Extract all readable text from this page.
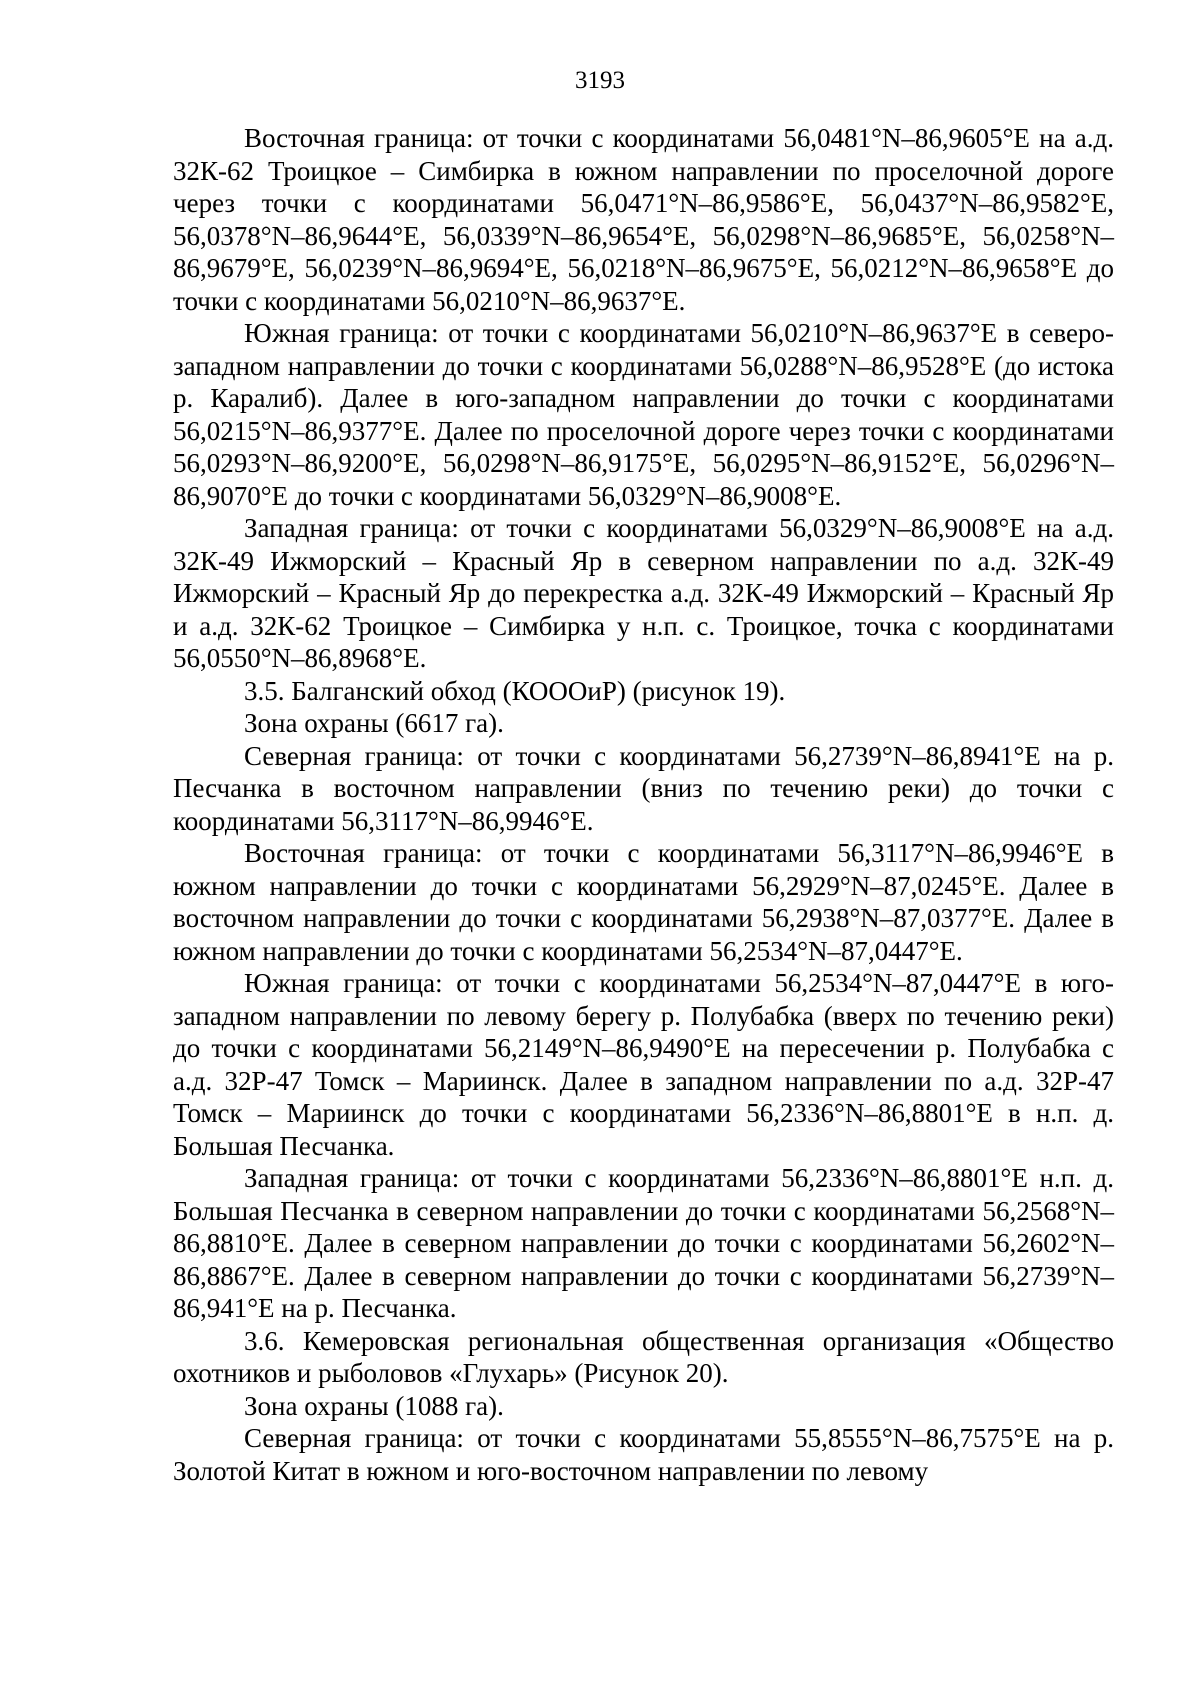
3193

Восточная граница: от точки с координатами 56,0481°N–86,9605°E на а.д. 32К-62 Троицкое – Симбирка в южном направлении по проселочной дороге через точки с координатами 56,0471°N–86,9586°E, 56,0437°N–86,9582°E, 56,0378°N–86,9644°E, 56,0339°N–86,9654°E, 56,0298°N–86,9685°E, 56,0258°N–86,9679°E, 56,0239°N–86,9694°E, 56,0218°N–86,9675°E, 56,0212°N–86,9658°E до точки с координатами 56,0210°N–86,9637°E.

Южная граница: от точки с координатами 56,0210°N–86,9637°E в северо-западном направлении до точки с координатами 56,0288°N–86,9528°E (до истока р. Каралиб). Далее в юго-западном направлении до точки с координатами 56,0215°N–86,9377°E. Далее по проселочной дороге через точки с координатами 56,0293°N–86,9200°E, 56,0298°N–86,9175°E, 56,0295°N–86,9152°E, 56,0296°N–86,9070°E до точки с координатами 56,0329°N–86,9008°E.

Западная граница: от точки с координатами 56,0329°N–86,9008°E на а.д. 32К-49 Ижморский – Красный Яр в северном направлении по а.д. 32К-49 Ижморский – Красный Яр до перекрестка а.д. 32К-49 Ижморский – Красный Яр и а.д. 32К-62 Троицкое – Симбирка у н.п. с. Троицкое, точка с координатами 56,0550°N–86,8968°E.

3.5. Балганский обход (КОООиР) (рисунок 19).

Зона охраны (6617 га).

Северная граница: от точки с координатами 56,2739°N–86,8941°E на р. Песчанка в восточном направлении (вниз по течению реки) до точки с координатами 56,3117°N–86,9946°E.

Восточная граница: от точки с координатами 56,3117°N–86,9946°E в южном направлении до точки с координатами 56,2929°N–87,0245°E. Далее в восточном направлении до точки с координатами 56,2938°N–87,0377°E. Далее в южном направлении до точки с координатами 56,2534°N–87,0447°E.

Южная граница: от точки с координатами 56,2534°N–87,0447°E в юго-западном направлении по левому берегу р. Полубабка (вверх по течению реки) до точки с координатами 56,2149°N–86,9490°E на пересечении р. Полубабка с а.д. 32Р-47 Томск – Мариинск. Далее в западном направлении по а.д. 32Р-47 Томск – Мариинск до точки с координатами 56,2336°N–86,8801°E в н.п. д. Большая Песчанка.

Западная граница: от точки с координатами 56,2336°N–86,8801°E н.п. д. Большая Песчанка в северном направлении до точки с координатами 56,2568°N–86,8810°E. Далее в северном направлении до точки с координатами 56,2602°N–86,8867°E. Далее в северном направлении до точки с координатами 56,2739°N–86,941°E на р. Песчанка.

3.6. Кемеровская региональная общественная организация «Общество охотников и рыболовов «Глухарь» (Рисунок 20).

Зона охраны (1088 га).

Северная граница: от точки с координатами 55,8555°N–86,7575°E на р. Золотой Китат в южном и юго-восточном направлении по левому
